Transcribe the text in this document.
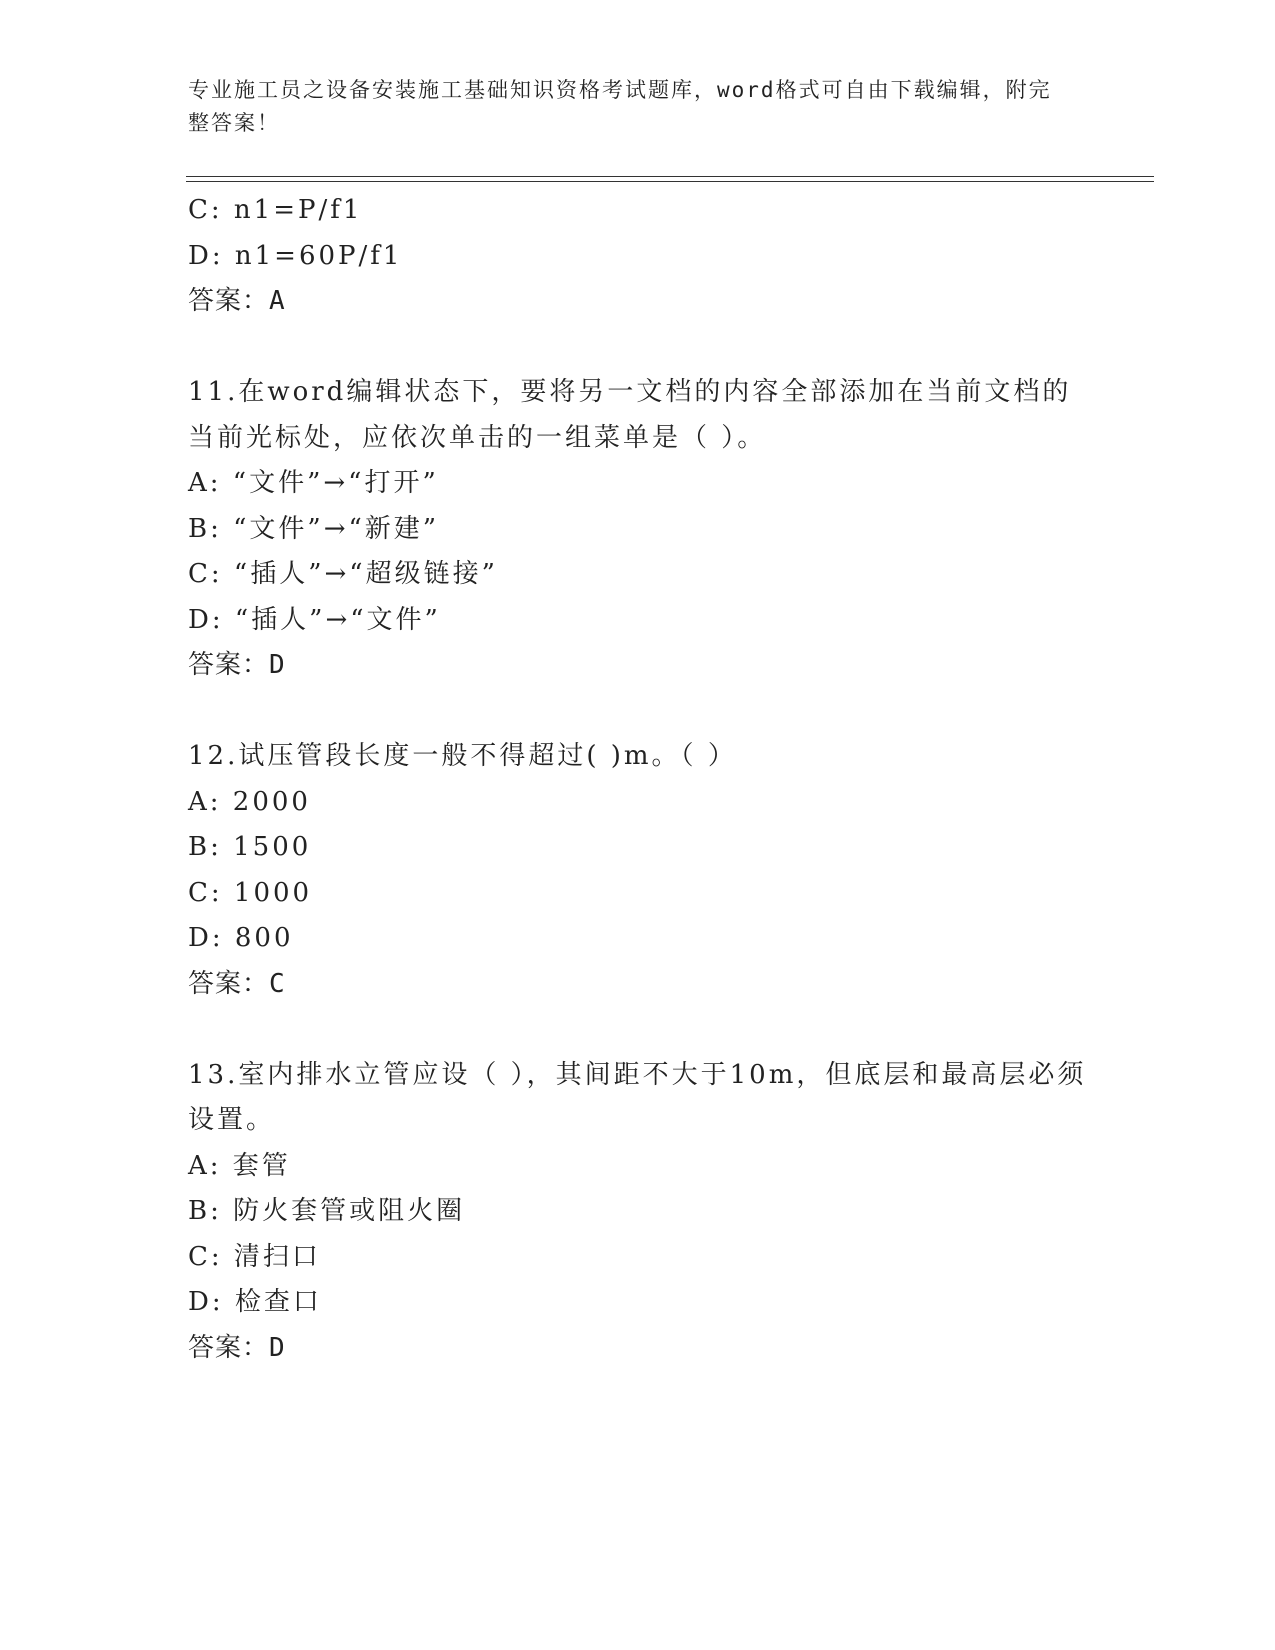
专业施工员之设备安装施工基础知识资格考试题库，word格式可自由下载编辑，附完整答案！
C: n1=P/f1
D: n1=60P/f1
答案：A
11.在word编辑状态下，要将另一文档的内容全部添加在当前文档的当前光标处，应依次单击的一组菜单是（ ）。
A: “文件”→“打开”
B: “文件”→“新建”
C: “插人”→“超级链接”
D: “插人”→“文件”
答案：D
12.试压管段长度一般不得超过( )m。（ ）
A: 2000
B: 1500
C: 1000
D: 800
答案：C
13.室内排水立管应设（ ），其间距不大于10m，但底层和最高层必须设置。
A: 套管
B: 防火套管或阻火圈
C: 清扫口
D: 检查口
答案：D
